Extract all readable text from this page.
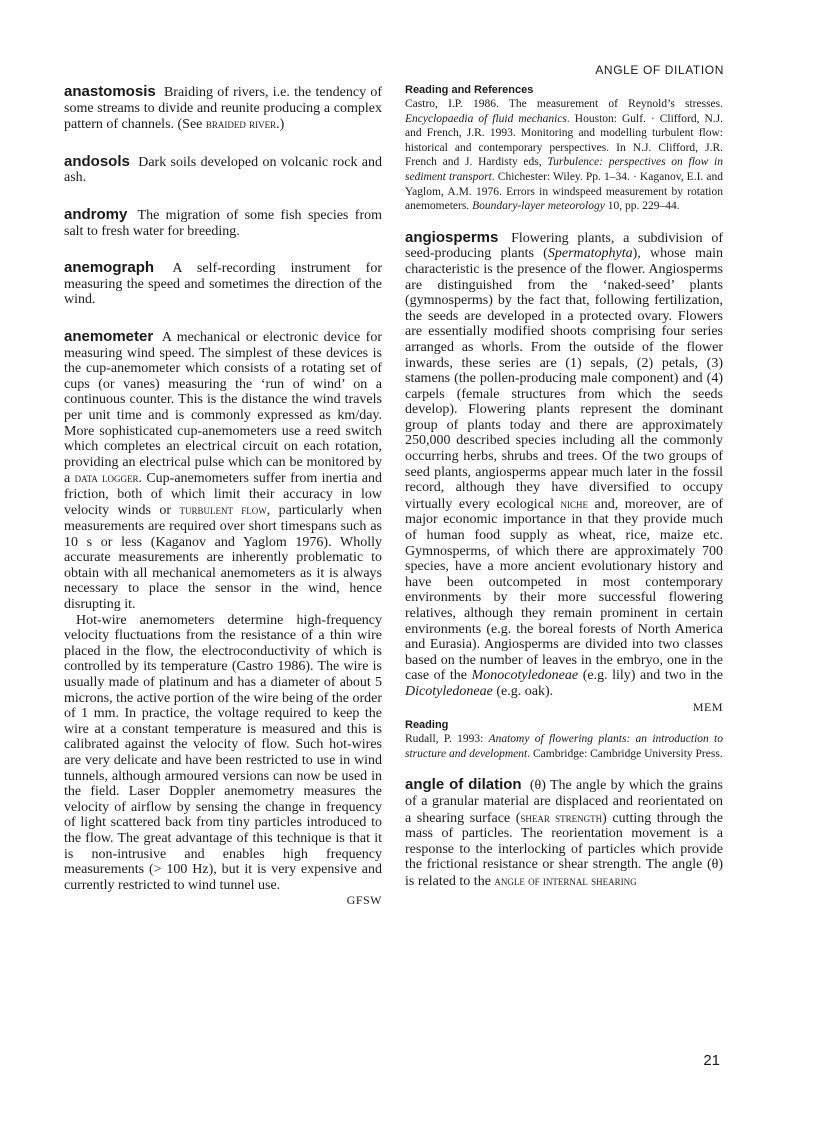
ANGLE OF DILATION

anastomosis Braiding of rivers, i.e. the tendency of some streams to divide and reunite producing a complex pattern of channels. (See braided river.)

andosols Dark soils developed on volcanic rock and ash.

andromy The migration of some fish species from salt to fresh water for breeding.

anemograph A self-recording instrument for measuring the speed and sometimes the direction of the wind.

anemometer A mechanical or electronic device for measuring wind speed. The simplest of these devices is the cup-anemometer which consists of a rotating set of cups (or vanes) measuring the ‘run of wind’ on a continuous counter. This is the distance the wind travels per unit time and is commonly expressed as km/day. More sophisticated cup-anemometers use a reed switch which completes an electrical circuit on each rotation, providing an electrical pulse which can be monitored by a data logger. Cup-anemometers suffer from inertia and friction, both of which limit their accuracy in low velocity winds or turbulent flow, particularly when measurements are required over short timespans such as 10 s or less (Kaganov and Yaglom 1976). Wholly accurate measurements are inherently problematic to obtain with all mechanical anemometers as it is always necessary to place the sensor in the wind, hence disrupting it.

Hot-wire anemometers determine high-frequency velocity fluctuations from the resistance of a thin wire placed in the flow, the electroconductivity of which is controlled by its temperature (Castro 1986). The wire is usually made of platinum and has a diameter of about 5 microns, the active portion of the wire being of the order of 1 mm. In practice, the voltage required to keep the wire at a constant temperature is measured and this is calibrated against the velocity of flow. Such hot-wires are very delicate and have been restricted to use in wind tunnels, although armoured versions can now be used in the field. Laser Doppler anemometry measures the velocity of airflow by sensing the change in frequency of light scattered back from tiny particles introduced to the flow. The great advantage of this technique is that it is non-intrusive and enables high frequency measurements (> 100 Hz), but it is very expensive and currently restricted to wind tunnel use.

GFSW

Reading and References

Castro, I.P. 1986. The measurement of Reynold’s stresses. Encyclopaedia of fluid mechanics. Houston: Gulf. · Clifford, N.J. and French, J.R. 1993. Monitoring and modelling turbulent flow: historical and contemporary perspectives. In N.J. Clifford, J.R. French and J. Hardisty eds, Turbulence: perspectives on flow in sediment transport. Chichester: Wiley. Pp. 1–34. · Kaganov, E.I. and Yaglom, A.M. 1976. Errors in windspeed measurement by rotation anemometers. Boundary-layer meteorology 10, pp. 229–44.

angiosperms Flowering plants, a subdivision of seed-producing plants (Spermatophyta), whose main characteristic is the presence of the flower. Angiosperms are distinguished from the ‘naked-seed’ plants (gymnosperms) by the fact that, following fertilization, the seeds are developed in a protected ovary. Flowers are essentially modified shoots comprising four series arranged as whorls. From the outside of the flower inwards, these series are (1) sepals, (2) petals, (3) stamens (the pollen-producing male component) and (4) carpels (female structures from which the seeds develop). Flowering plants represent the dominant group of plants today and there are approximately 250,000 described species including all the commonly occurring herbs, shrubs and trees. Of the two groups of seed plants, angiosperms appear much later in the fossil record, although they have diversified to occupy virtually every ecological niche and, moreover, are of major economic importance in that they provide much of human food supply as wheat, rice, maize etc. Gymnosperms, of which there are approximately 700 species, have a more ancient evolutionary history and have been outcompeted in most contemporary environments by their more successful flowering relatives, although they remain prominent in certain environments (e.g. the boreal forests of North America and Eurasia). Angiosperms are divided into two classes based on the number of leaves in the embryo, one in the case of the Monocotyledoneae (e.g. lily) and two in the Dicotyledoneae (e.g. oak).

MEM

Reading

Rudall, P. 1993: Anatomy of flowering plants: an introduction to structure and development. Cambridge: Cambridge University Press.

angle of dilation (θ) The angle by which the grains of a granular material are displaced and reorientated on a shearing surface (shear strength) cutting through the mass of particles. The reorientation movement is a response to the interlocking of particles which provide the frictional resistance or shear strength. The angle (θ) is related to the angle of internal shearing

21
